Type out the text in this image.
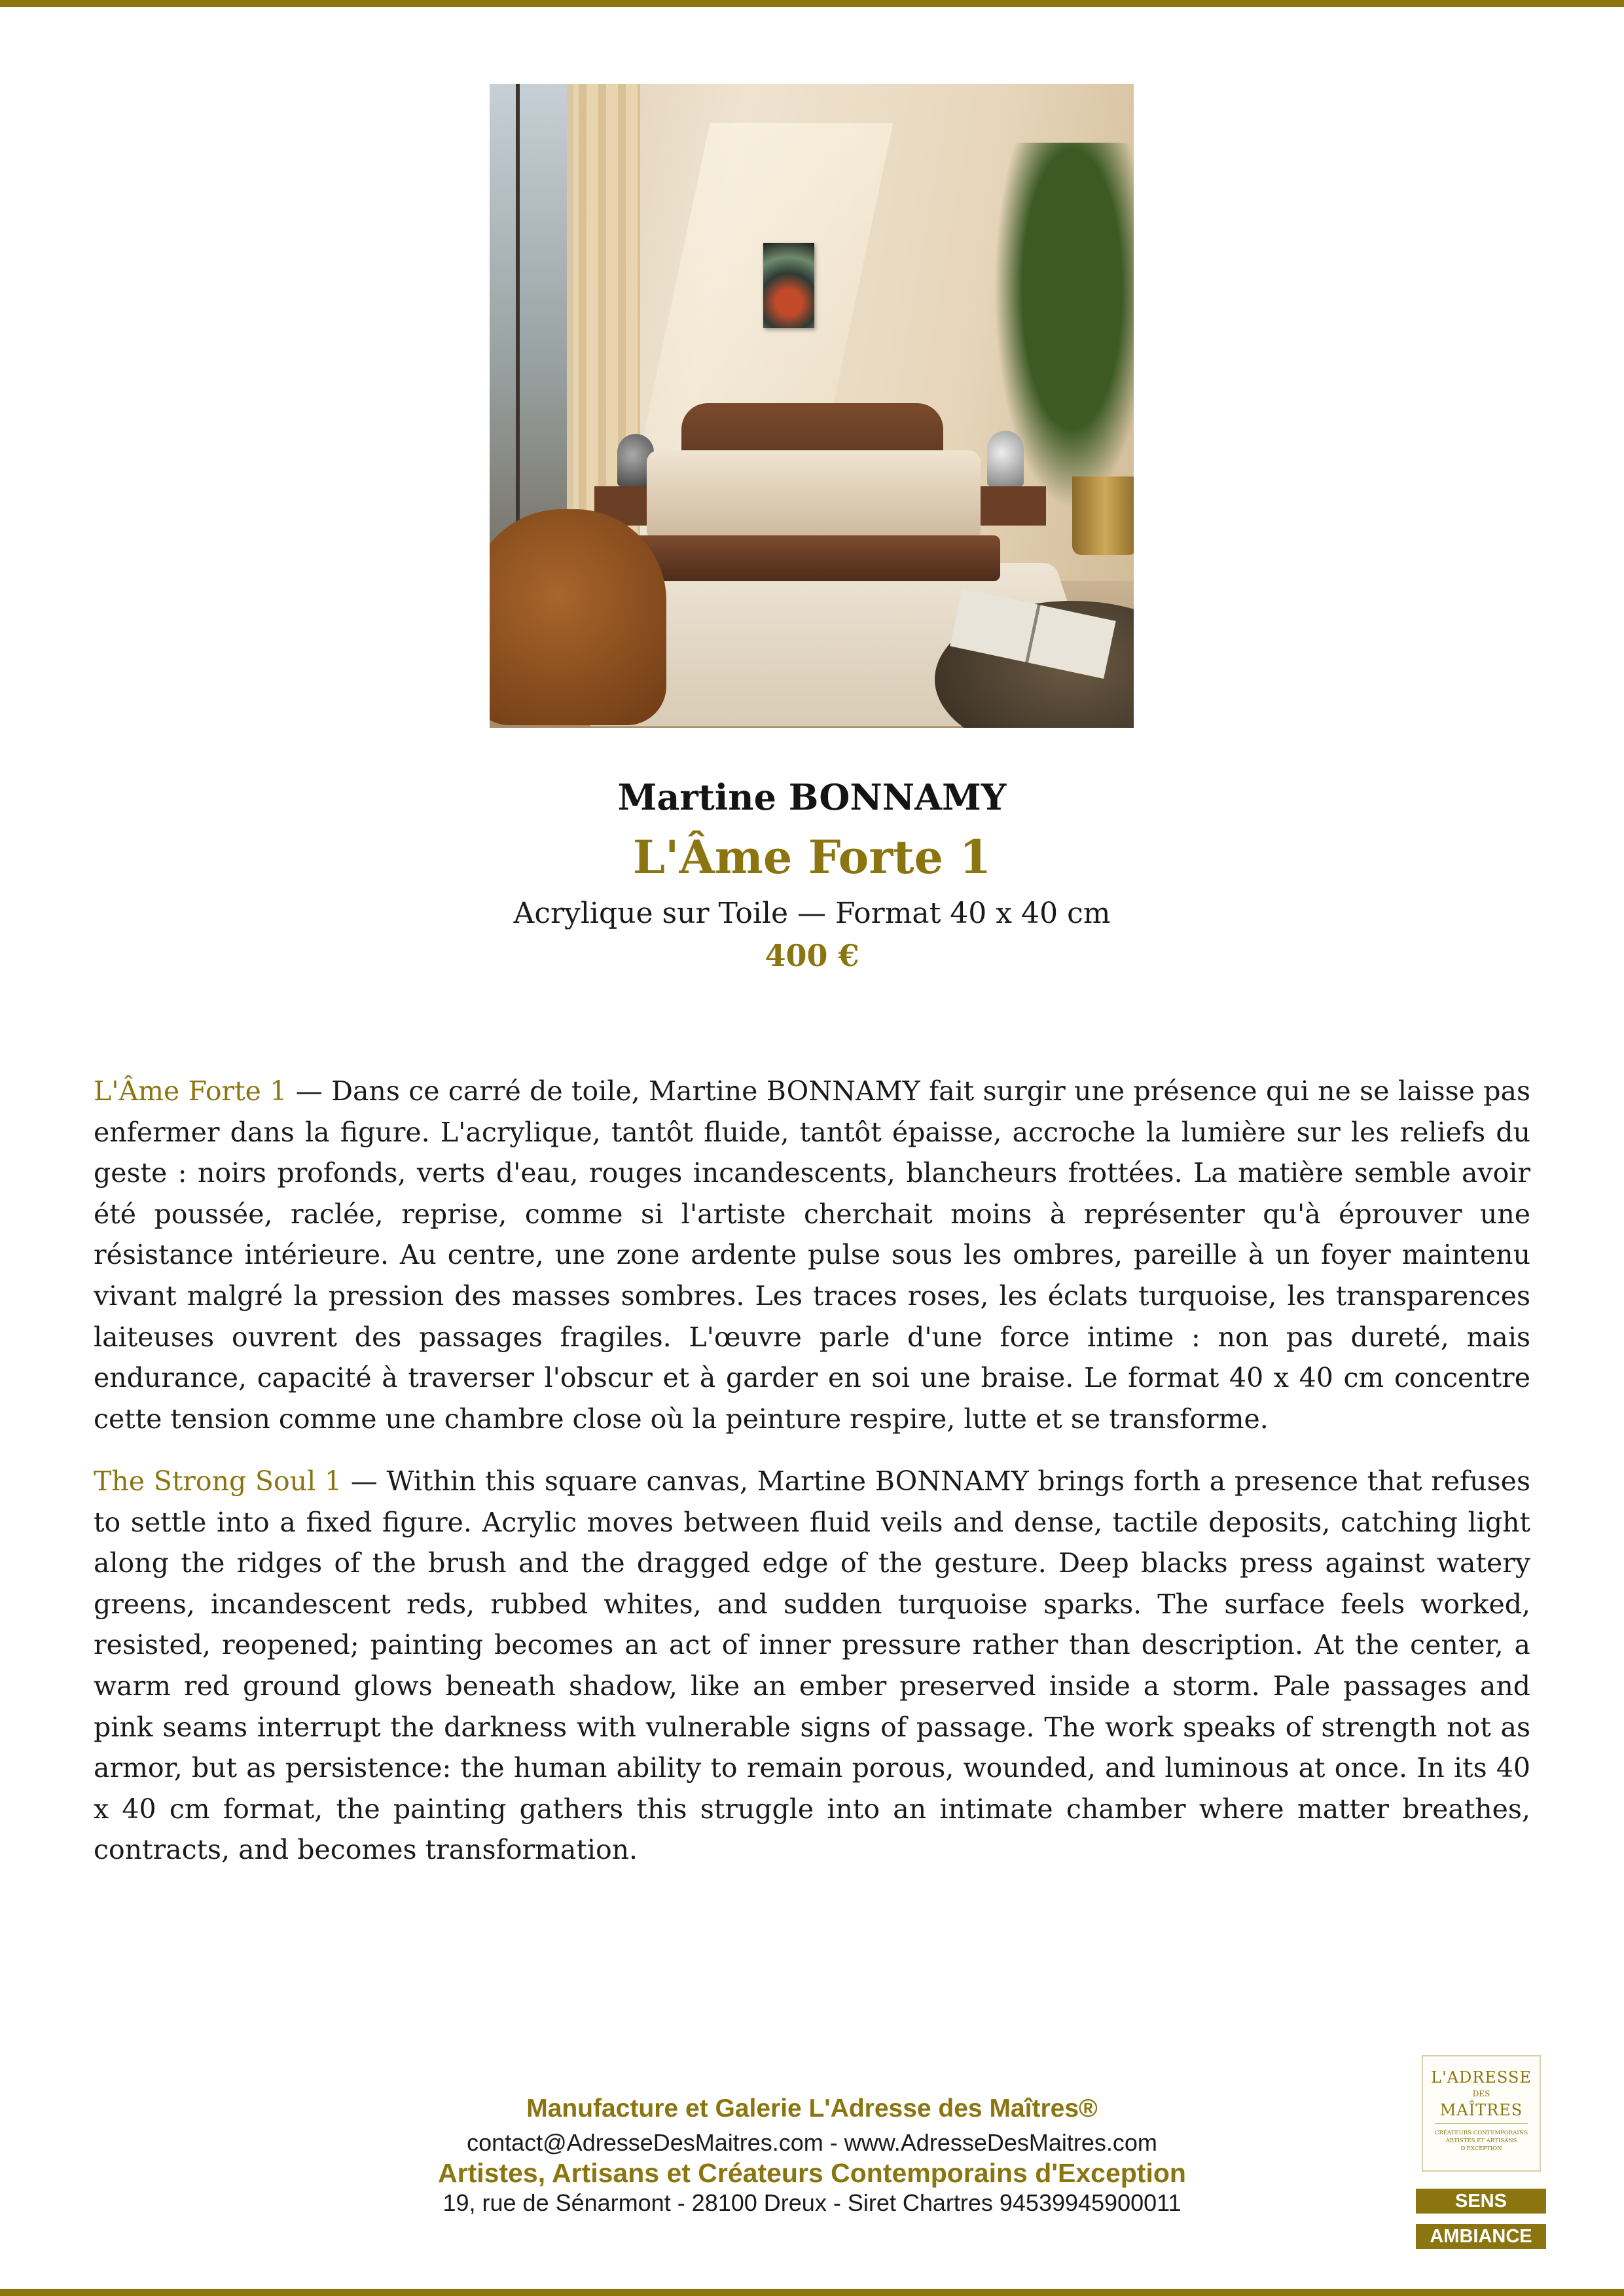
Martine BONNAMY
L'Âme Forte 1
Acrylique sur Toile — Format 40 x 40 cm
400 €

L'Âme Forte 1 — Dans ce carré de toile, Martine BONNAMY fait surgir une présence qui ne se laisse pas enfermer dans la figure. L'acrylique, tantôt fluide, tantôt épaisse, accroche la lumière sur les reliefs du geste : noirs profonds, verts d'eau, rouges incandescents, blancheurs frottées. La matière semble avoir été poussée, raclée, reprise, comme si l'artiste cherchait moins à représenter qu'à éprouver une résistance intérieure. Au centre, une zone ardente pulse sous les ombres, pareille à un foyer maintenu vivant malgré la pression des masses sombres. Les traces roses, les éclats turquoise, les transparences laiteuses ouvrent des passages fragiles. L'œuvre parle d'une force intime : non pas dureté, mais endurance, capacité à traverser l'obscur et à garder en soi une braise. Le format 40 x 40 cm concentre cette tension comme une chambre close où la peinture respire, lutte et se transforme.

The Strong Soul 1 — Within this square canvas, Martine BONNAMY brings forth a presence that refuses to settle into a fixed figure. Acrylic moves between fluid veils and dense, tactile deposits, catching light along the ridges of the brush and the dragged edge of the gesture. Deep blacks press against watery greens, incandescent reds, rubbed whites, and sudden turquoise sparks. The surface feels worked, resisted, reopened; painting becomes an act of inner pressure rather than description. At the center, a warm red ground glows beneath shadow, like an ember preserved inside a storm. Pale passages and pink seams interrupt the darkness with vulnerable signs of passage. The work speaks of strength not as armor, but as persistence: the human ability to remain porous, wounded, and luminous at once. In its 40 x 40 cm format, the painting gathers this struggle into an intimate chamber where matter breathes, contracts, and becomes transformation.

Manufacture et Galerie L'Adresse des Maîtres®
contact@AdresseDesMaitres.com - www.AdresseDesMaitres.com
Artistes, Artisans et Créateurs Contemporains d'Exception
19, rue de Sénarmont - 28100 Dreux - Siret Chartres 94539945900011
L'ADRESSE
DES
MAÎTRES
CRÉATEURS CONTEMPORAINS ARTISTES ET ARTISANS D'EXCEPTION
SENS
AMBIANCE
